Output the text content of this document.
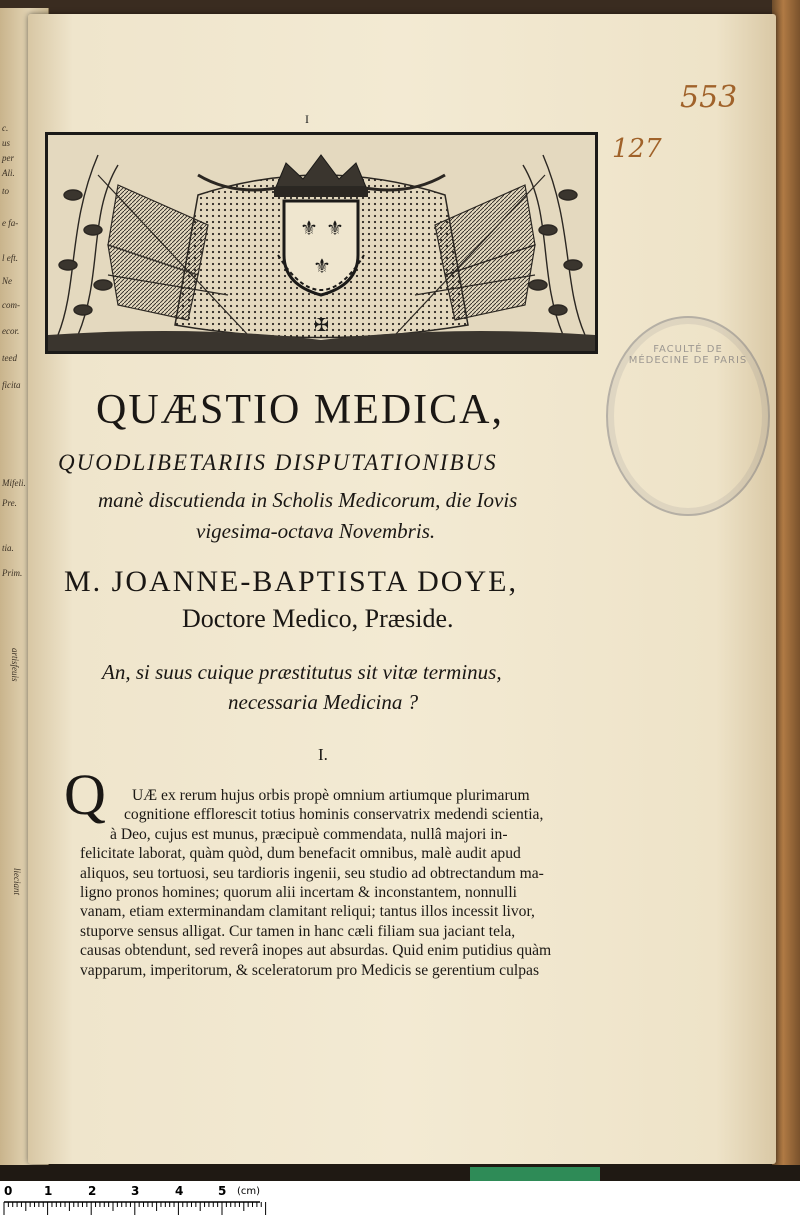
c.
us
per
Ali.
to
e fa-
l eft.
Ne
com-
ecor.
teed
ficita
Mifeli.
Pre.
tia.
Prim.
artisfeuis
lieciant
I
553
127
⚜ ⚜
⚜
✠
FACULTÉ DE MÉDECINE DE PARIS
QUÆSTIO MEDICA,
QUODLIBETARIIS DISPUTATIONIBUS
manè discutienda in Scholis Medicorum, die Iovis
vigesima-octava Novembris.
M. JOANNE-BAPTISTA DOYE,
Doctore Medico, Præside.
An, si suus cuique præstitutus sit vitæ terminus,
necessaria Medicina ?
I.
Q	UÆ ex rerum hujus orbis propè omnium artiumque plurimarum
cognitione efflorescit totius hominis conservatrix medendi scientia,
à Deo, cujus est munus, præcipuè commendata, nullâ majori in-
felicitate laborat, quàm quòd, dum benefacit omnibus, malè audit apud
aliquos, seu tortuosi, seu tardioris ingenii, seu studio ad obtrectandum ma-
ligno pronos homines; quorum alii incertam & inconstantem, nonnulli
vanam, etiam exterminandam clamitant reliqui; tantus illos incessit livor,
stuporve sensus alligat. Cur tamen in hanc cæli filiam sua jaciant tela,
causas obtendunt, sed reverâ inopes aut absurdas. Quid enim putidius quàm
vapparum, imperitorum, & sceleratorum pro Medicis se gerentium culpas
0	1	2	3	4	5 (cm)
